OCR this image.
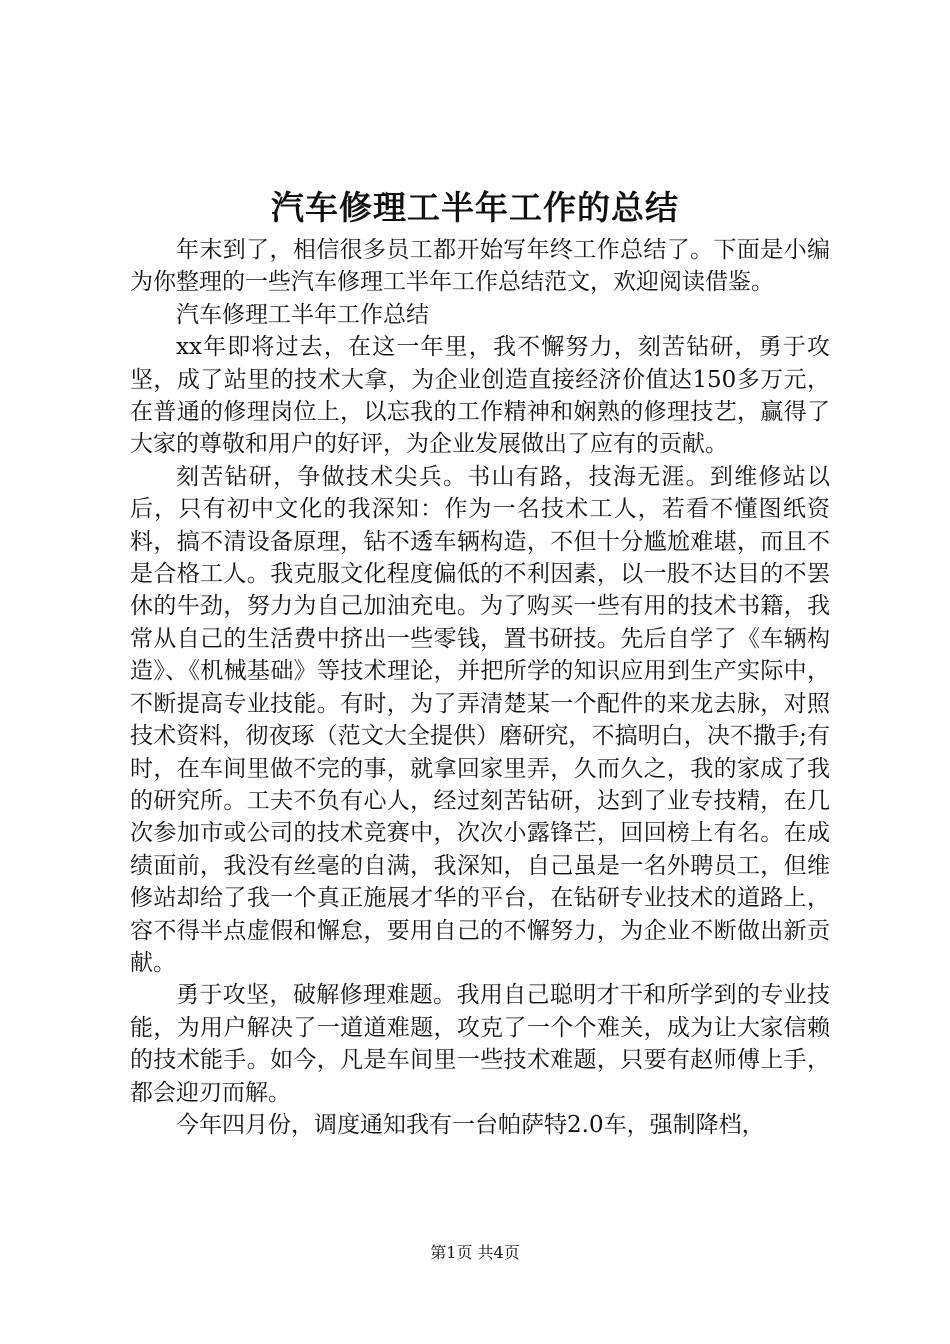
汽车修理工半年工作的总结

年末到了，相信很多员工都开始写年终工作总结了。下面是小编为你整理的一些汽车修理工半年工作总结范文，欢迎阅读借鉴。

汽车修理工半年工作总结

xx年即将过去，在这一年里，我不懈努力，刻苦钻研，勇于攻坚，成了站里的技术大拿，为企业创造直接经济价值达150多万元，在普通的修理岗位上，以忘我的工作精神和娴熟的修理技艺，赢得了大家的尊敬和用户的好评，为企业发展做出了应有的贡献。

刻苦钻研，争做技术尖兵。书山有路，技海无涯。到维修站以后，只有初中文化的我深知：作为一名技术工人，若看不懂图纸资料，搞不清设备原理，钻不透车辆构造，不但十分尴尬难堪，而且不是合格工人。我克服文化程度偏低的不利因素，以一股不达目的不罢休的牛劲，努力为自己加油充电。为了购买一些有用的技术书籍，我常从自己的生活费中挤出一些零钱，置书研技。先后自学了《车辆构造》、《机械基础》等技术理论，并把所学的知识应用到生产实际中，不断提高专业技能。有时，为了弄清楚某一个配件的来龙去脉，对照技术资料，彻夜琢（范文大全提供）磨研究，不搞明白，决不撒手;有时，在车间里做不完的事，就拿回家里弄，久而久之，我的家成了我的研究所。工夫不负有心人，经过刻苦钻研，达到了业专技精，在几次参加市或公司的技术竞赛中，次次小露锋芒，回回榜上有名。在成绩面前，我没有丝毫的自满，我深知，自己虽是一名外聘员工，但维修站却给了我一个真正施展才华的平台，在钻研专业技术的道路上，容不得半点虚假和懈怠，要用自己的不懈努力，为企业不断做出新贡献。

勇于攻坚，破解修理难题。我用自己聪明才干和所学到的专业技能，为用户解决了一道道难题，攻克了一个个难关，成为让大家信赖的技术能手。如今，凡是车间里一些技术难题，只要有赵师傅上手，都会迎刃而解。

今年四月份，调度通知我有一台帕萨特2.0车，强制降档，

第1页 共4页
